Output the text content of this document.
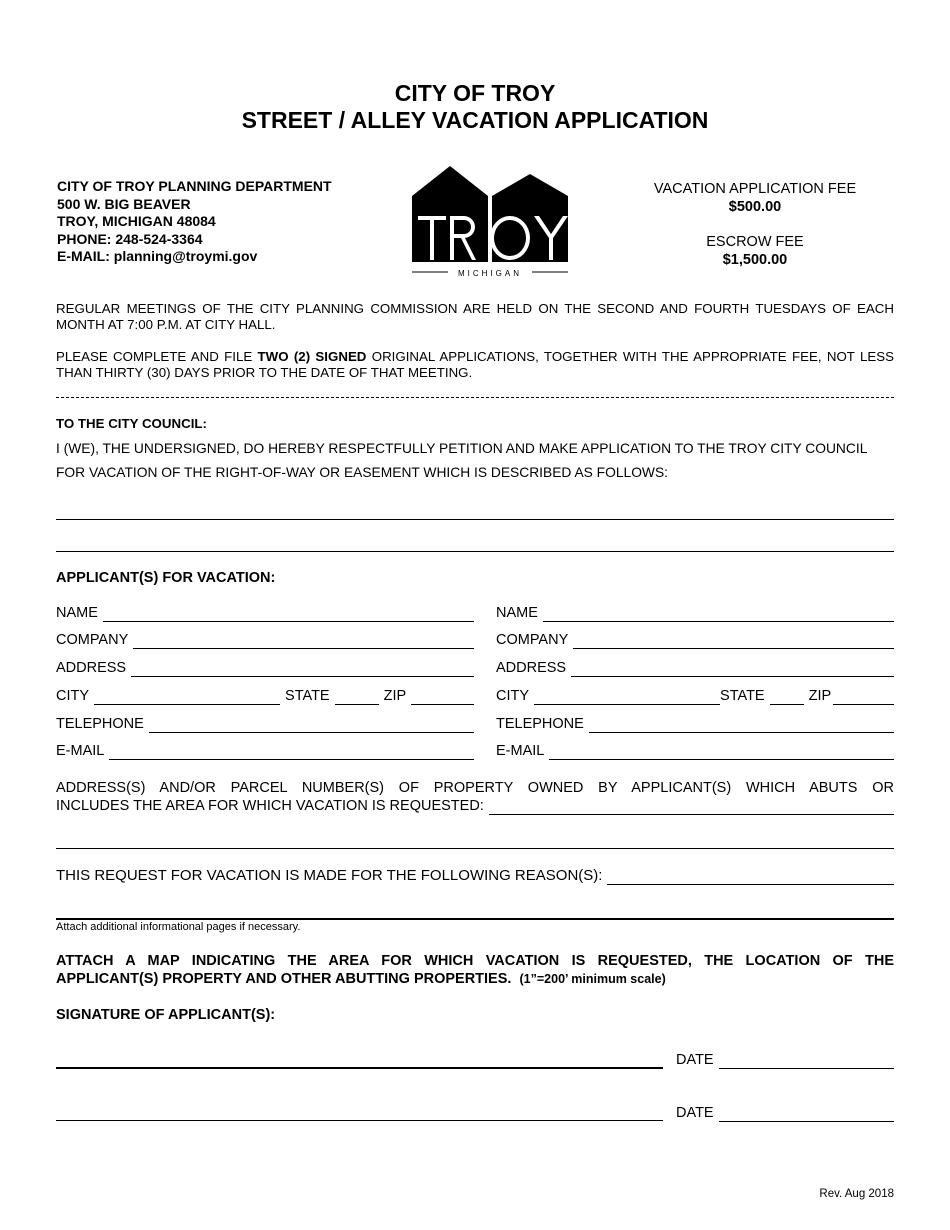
CITY OF TROY
STREET / ALLEY VACATION APPLICATION
CITY OF TROY PLANNING DEPARTMENT
500 W. BIG BEAVER
TROY, MICHIGAN 48084
PHONE: 248-524-3364
E-MAIL: planning@troymi.gov
MICHIGAN
VACATION APPLICATION FEE
$500.00
ESCROW FEE
$1,500.00
REGULAR MEETINGS OF THE CITY PLANNING COMMISSION ARE HELD ON THE SECOND AND FOURTH TUESDAYS OF EACH MONTH AT 7:00 P.M. AT CITY HALL.
PLEASE COMPLETE AND FILE TWO (2) SIGNED ORIGINAL APPLICATIONS, TOGETHER WITH THE APPROPRIATE FEE, NOT LESS THAN THIRTY (30) DAYS PRIOR TO THE DATE OF THAT MEETING.
TO THE CITY COUNCIL:
I (WE), THE UNDERSIGNED, DO HEREBY RESPECTFULLY PETITION AND MAKE APPLICATION TO THE TROY CITY COUNCIL
FOR VACATION OF THE RIGHT-OF-WAY OR EASEMENT WHICH IS DESCRIBED AS FOLLOWS:
APPLICANT(S) FOR VACATION:
NAME
COMPANY
ADDRESS
CITY	STATE	ZIP
TELEPHONE
E-MAIL
NAME
COMPANY
ADDRESS
CITY	STATE	ZIP
TELEPHONE
E-MAIL
ADDRESS(S) AND/OR PARCEL NUMBER(S) OF PROPERTY OWNED BY APPLICANT(S) WHICH ABUTS OR
INCLUDES THE AREA FOR WHICH VACATION IS REQUESTED:
THIS REQUEST FOR VACATION IS MADE FOR THE FOLLOWING REASON(S):
Attach additional informational pages if necessary.
ATTACH A MAP INDICATING THE AREA FOR WHICH VACATION IS REQUESTED, THE LOCATION OF THE
APPLICANT(S) PROPERTY AND OTHER ABUTTING PROPERTIES. (1”=200’ minimum scale)
SIGNATURE OF APPLICANT(S):
DATE
DATE
Rev. Aug 2018
